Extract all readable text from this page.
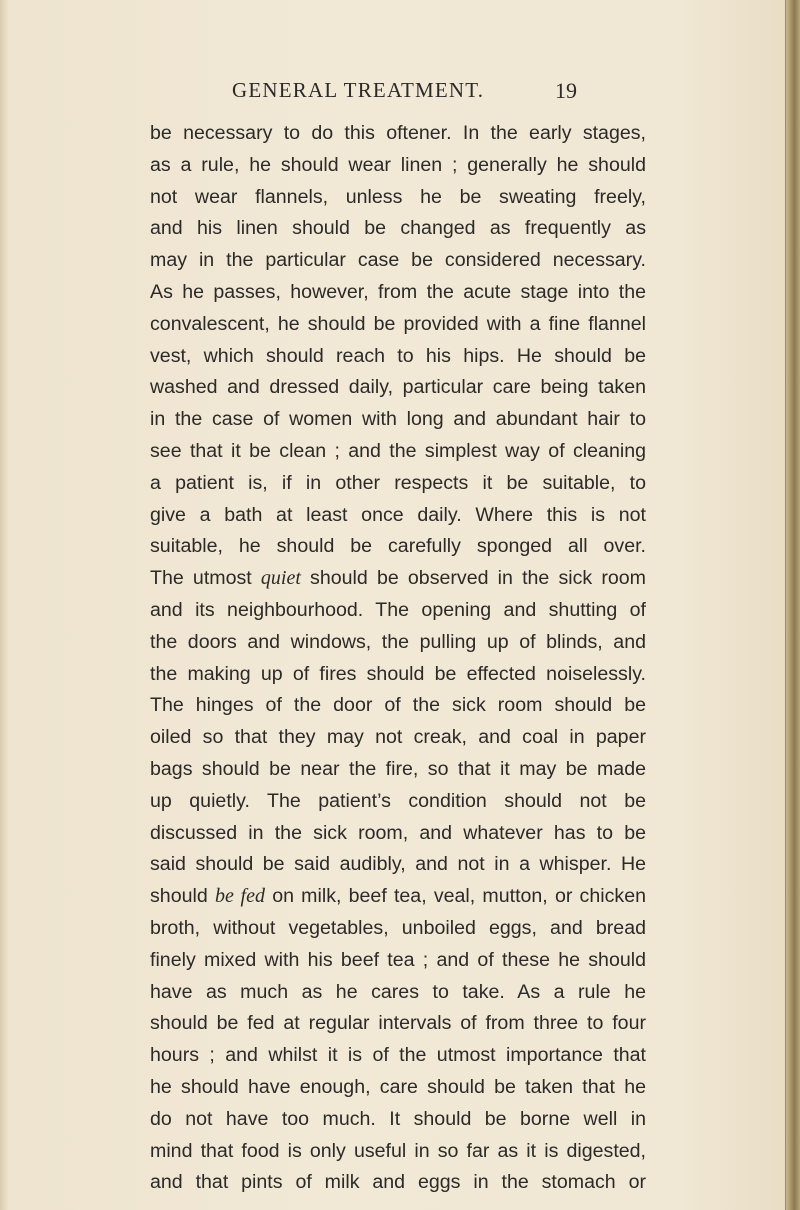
GENERAL TREATMENT.	19
be necessary to do this oftener. In the early stages,
as a rule, he should wear linen ; generally he should
not wear flannels, unless he be sweating freely,
and his linen should be changed as frequently as
may in the particular case be considered necessary.
As he passes, however, from the acute stage into the
convalescent, he should be provided with a fine flannel
vest, which should reach to his hips. He should be
washed and dressed daily, particular care being taken
in the case of women with long and abundant hair to
see that it be clean ; and the simplest way of cleaning
a patient is, if in other respects it be suitable, to
give a bath at least once daily. Where this is not
suitable, he should be carefully sponged all over.
The utmost quiet should be observed in the sick room
and its neighbourhood. The opening and shutting of
the doors and windows, the pulling up of blinds, and
the making up of fires should be effected noiselessly.
The hinges of the door of the sick room should be
oiled so that they may not creak, and coal in paper
bags should be near the fire, so that it may be made
up quietly. The patient’s condition should not be
discussed in the sick room, and whatever has to be
said should be said audibly, and not in a whisper. He
should be fed on milk, beef tea, veal, mutton, or chicken
broth, without vegetables, unboiled eggs, and bread
finely mixed with his beef tea ; and of these he should
have as much as he cares to take. As a rule he
should be fed at regular intervals of from three to four
hours ; and whilst it is of the utmost importance that
he should have enough, care should be taken that he
do not have too much. It should be borne well in
mind that food is only useful in so far as it is digested,
and that pints of milk and eggs in the stomach or
